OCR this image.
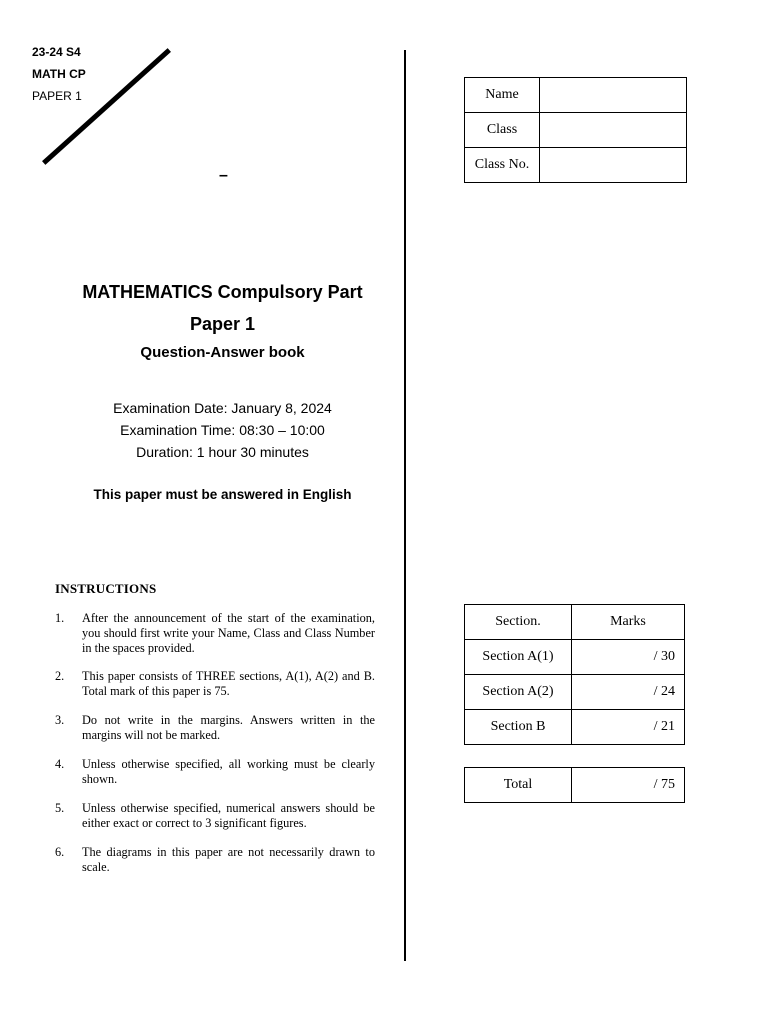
23-24 S4
MATH CP
PAPER 1
–
MATHEMATICS Compulsory Part
Paper 1
Question-Answer book
Examination Date: January 8, 2024
Examination Time: 08:30 – 10:00
Duration: 1 hour 30 minutes
This paper must be answered in English
INSTRUCTIONS
1. After the announcement of the start of the examination, you should first write your Name, Class and Class Number in the spaces provided.
2. This paper consists of THREE sections, A(1), A(2) and B. Total mark of this paper is 75.
3. Do not write in the margins. Answers written in the margins will not be marked.
4. Unless otherwise specified, all working must be clearly shown.
5. Unless otherwise specified, numerical answers should be either exact or correct to 3 significant figures.
6. The diagrams in this paper are not necessarily drawn to scale.
Name	
Class	
Class No.	
Section.	Marks
Section A(1)	/ 30
Section A(2)	/ 24
Section B	/ 21
Total	/ 75
